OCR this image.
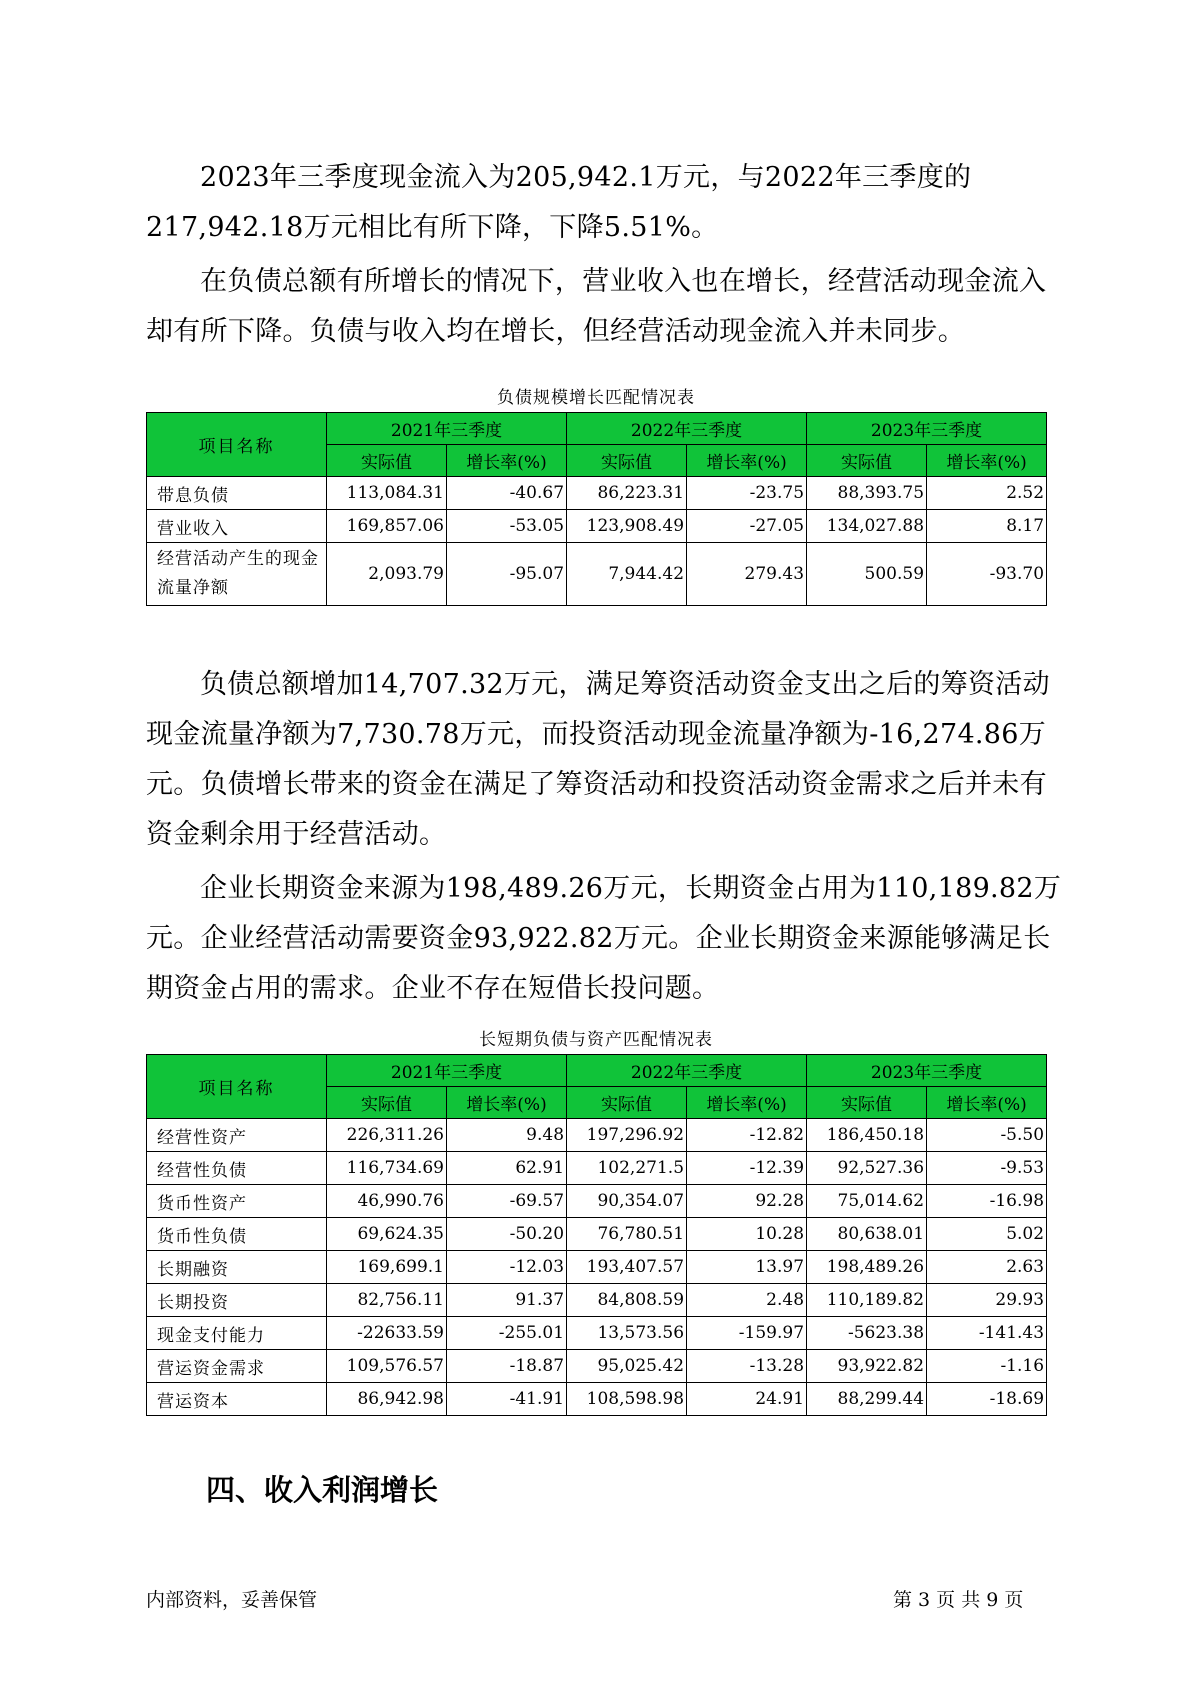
2023年三季度现金流入为205,942.1万元，与2022年三季度的217,942.18万元相比有所下降，下降5.51%。

在负债总额有所增长的情况下，营业收入也在增长，经营活动现金流入却有所下降。负债与收入均在增长，但经营活动现金流入并未同步。

负债规模增长匹配情况表
项目名称	2021年三季度		2022年三季度		2023年三季度	
	实际值	增长率(%)	实际值	增长率(%)	实际值	增长率(%)
带息负债	113,084.31	-40.67	86,223.31	-23.75	88,393.75	2.52
营业收入	169,857.06	-53.05	123,908.49	-27.05	134,027.88	8.17
经营活动产生的现金流量净额	2,093.79	-95.07	7,944.42	279.43	500.59	-93.70

负债总额增加14,707.32万元，满足筹资活动资金支出之后的筹资活动现金流量净额为7,730.78万元，而投资活动现金流量净额为-16,274.86万元。负债增长带来的资金在满足了筹资活动和投资活动资金需求之后并未有资金剩余用于经营活动。

企业长期资金来源为198,489.26万元，长期资金占用为110,189.82万元。企业经营活动需要资金93,922.82万元。企业长期资金来源能够满足长期资金占用的需求。企业不存在短借长投问题。

长短期负债与资产匹配情况表
项目名称	2021年三季度		2022年三季度		2023年三季度	
	实际值	增长率(%)	实际值	增长率(%)	实际值	增长率(%)
经营性资产	226,311.26	9.48	197,296.92	-12.82	186,450.18	-5.50
经营性负债	116,734.69	62.91	102,271.5	-12.39	92,527.36	-9.53
货币性资产	46,990.76	-69.57	90,354.07	92.28	75,014.62	-16.98
货币性负债	69,624.35	-50.20	76,780.51	10.28	80,638.01	5.02
长期融资	169,699.1	-12.03	193,407.57	13.97	198,489.26	2.63
长期投资	82,756.11	91.37	84,808.59	2.48	110,189.82	29.93
现金支付能力	-22633.59	-255.01	13,573.56	-159.97	-5623.38	-141.43
营运资金需求	109,576.57	-18.87	95,025.42	-13.28	93,922.82	-1.16
营运资本	86,942.98	-41.91	108,598.98	24.91	88,299.44	-18.69
四、收入利润增长
内部资料，妥善保管	第 3 页 共 9 页
